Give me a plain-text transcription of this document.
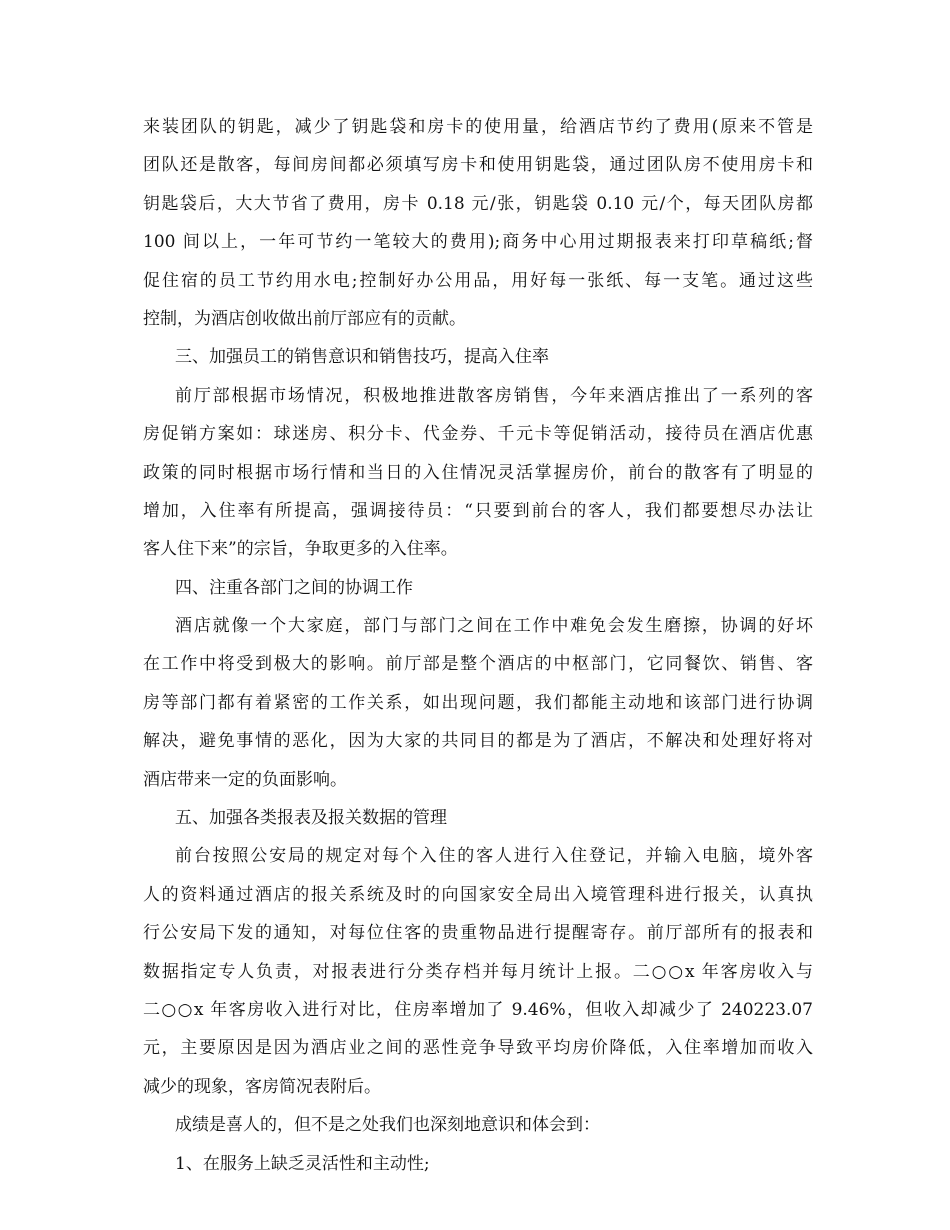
来装团队的钥匙，减少了钥匙袋和房卡的使用量，给酒店节约了费用(原来不管是
团队还是散客，每间房间都必须填写房卡和使用钥匙袋，通过团队房不使用房卡和
钥匙袋后，大大节省了费用，房卡 0.18 元/张，钥匙袋 0.10 元/个，每天团队房都
100 间以上，一年可节约一笔较大的费用);商务中心用过期报表来打印草稿纸;督
促住宿的员工节约用水电;控制好办公用品，用好每一张纸、每一支笔。通过这些
控制，为酒店创收做出前厅部应有的贡献。
三、加强员工的销售意识和销售技巧，提高入住率
前厅部根据市场情况，积极地推进散客房销售，今年来酒店推出了一系列的客
房促销方案如：球迷房、积分卡、代金券、千元卡等促销活动，接待员在酒店优惠
政策的同时根据市场行情和当日的入住情况灵活掌握房价，前台的散客有了明显的
增加，入住率有所提高，强调接待员：“只要到前台的客人，我们都要想尽办法让
客人住下来”的宗旨，争取更多的入住率。
四、注重各部门之间的协调工作
酒店就像一个大家庭，部门与部门之间在工作中难免会发生磨擦，协调的好坏
在工作中将受到极大的影响。前厅部是整个酒店的中枢部门，它同餐饮、销售、客
房等部门都有着紧密的工作关系，如出现问题，我们都能主动地和该部门进行协调
解决，避免事情的恶化，因为大家的共同目的都是为了酒店，不解决和处理好将对
酒店带来一定的负面影响。
五、加强各类报表及报关数据的管理
前台按照公安局的规定对每个入住的客人进行入住登记，并输入电脑，境外客
人的资料通过酒店的报关系统及时的向国家安全局出入境管理科进行报关，认真执
行公安局下发的通知，对每位住客的贵重物品进行提醒寄存。前厅部所有的报表和
数据指定专人负责，对报表进行分类存档并每月统计上报。二○○x 年客房收入与
二○○x 年客房收入进行对比，住房率增加了 9.46%，但收入却减少了 240223.07
元，主要原因是因为酒店业之间的恶性竞争导致平均房价降低，入住率增加而收入
减少的现象，客房简况表附后。
成绩是喜人的，但不是之处我们也深刻地意识和体会到：
1、在服务上缺乏灵活性和主动性;
